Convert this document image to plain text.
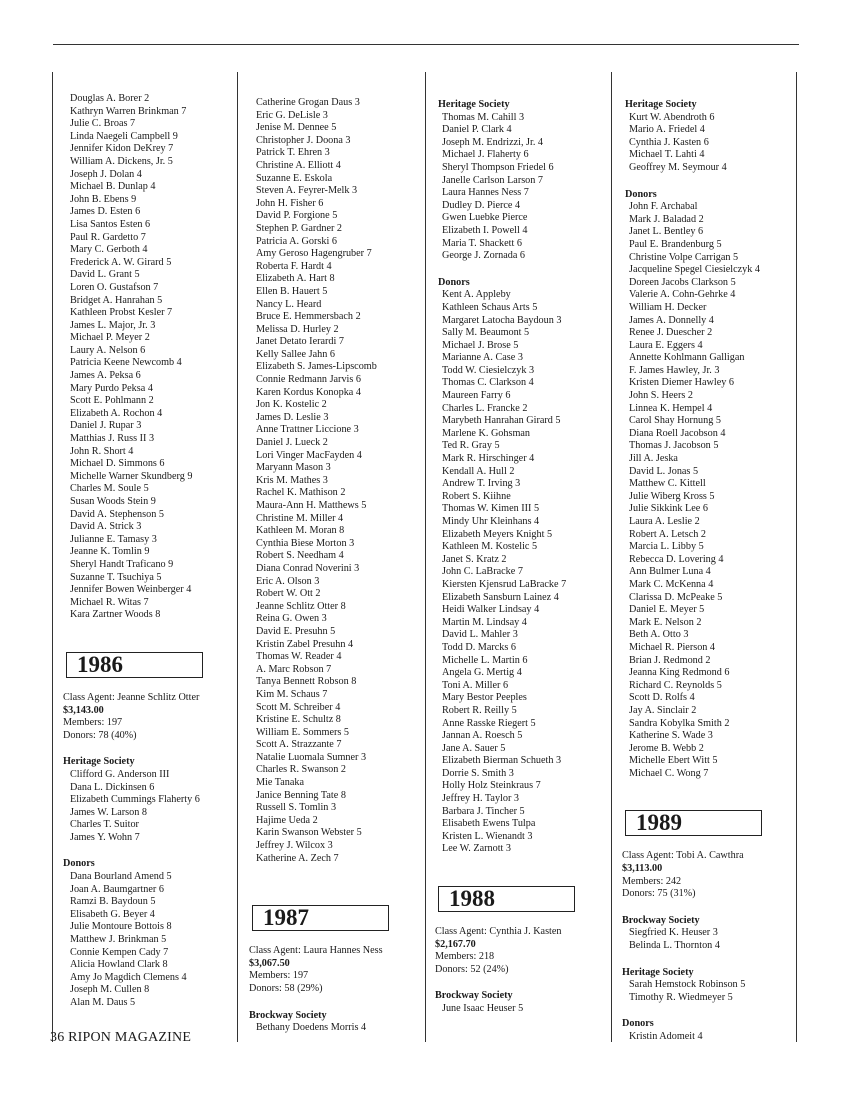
Douglas A. Borer 2
Kathryn Warren Brinkman 7
Julie C. Broas 7
Linda Naegeli Campbell 9
Jennifer Kidon DeKrey 7
William A. Dickens, Jr. 5
Joseph J. Dolan 4
Michael B. Dunlap 4
John B. Ebens 9
James D. Esten 6
Lisa Santos Esten 6
Paul R. Gardetto 7
Mary C. Gerboth 4
Frederick A. W. Girard 5
David L. Grant 5
Loren O. Gustafson 7
Bridget A. Hanrahan 5
Kathleen Probst Kesler 7
James L. Major, Jr. 3
Michael P. Meyer 2
Laury A. Nelson 6
Patricia Keene Newcomb 4
James A. Peksa 6
Mary Purdo Peksa 4
Scott E. Pohlmann 2
Elizabeth A. Rochon 4
Daniel J. Rupar 3
Matthias J. Russ II 3
John R. Short 4
Michael D. Simmons 6
Michelle Warner Skundberg 9
Charles M. Soule 5
Susan Woods Stein 9
David A. Stephenson 5
David A. Strick 3
Julianne E. Tamasy 3
Jeanne K. Tomlin 9
Sheryl Handt Traficano 9
Suzanne T. Tsuchiya 5
Jennifer Bowen Weinberger 4
Michael R. Witas 7
Kara Zartner Woods 8
1986
Class Agent: Jeanne Schlitz Otter
$3,143.00
Members: 197
Donors: 78 (40%)
Heritage Society
Clifford G. Anderson III
Dana L. Dickinsen 6
Elizabeth Cummings Flaherty 6
James W. Larson 8
Charles T. Suitor
James Y. Wohn 7
Donors
Dana Bourland Amend 5
Joan A. Baumgartner 6
Ramzi B. Baydoun 5
Elisabeth G. Beyer 4
Julie Montoure Bottois 8
Matthew J. Brinkman 5
Connie Kempen Cady 7
Alicia Howland Clark 8
Amy Jo Magdich Clemens 4
Joseph M. Cullen 8
Alan M. Daus 5
Catherine Grogan Daus 3
Eric G. DeLisle 3
Jenise M. Dennee 5
Christopher J. Doona 3
Patrick T. Ehren 3
Christine A. Elliott 4
Suzanne E. Eskola
Steven A. Feyrer-Melk 3
John H. Fisher 6
David P. Forgione 5
Stephen P. Gardner 2
Patricia A. Gorski 6
Amy Geroso Hagengruber 7
Roberta F. Hardt 4
Elizabeth A. Hart 8
Ellen B. Hauert 5
Nancy L. Heard
Bruce E. Hemmersbach 2
Melissa D. Hurley 2
Janet Detato Ierardi 7
Kelly Sallee Jahn 6
Elizabeth S. James-Lipscomb
Connie Redmann Jarvis 6
Karen Kordus Konopka 4
Jon K. Kostelic 2
James D. Leslie 3
Anne Trattner Liccione 3
Daniel J. Lueck 2
Lori Vinger MacFayden 4
Maryann Mason 3
Kris M. Mathes 3
Rachel K. Mathison 2
Maura-Ann H. Matthews 5
Christine M. Miller 4
Kathleen M. Moran 8
Cynthia Biese Morton 3
Robert S. Needham 4
Diana Conrad Noverini 3
Eric A. Olson 3
Robert W. Ott 2
Jeanne Schlitz Otter 8
Reina G. Owen 3
David E. Presuhn 5
Kristin Zabel Presuhn 4
Thomas W. Reader 4
A. Marc Robson 7
Tanya Bennett Robson 8
Kim M. Schaus 7
Scott M. Schreiber 4
Kristine E. Schultz 8
William E. Sommers 5
Scott A. Strazzante 7
Natalie Luomala Sumner 3
Charles R. Swanson 2
Mie Tanaka
Janice Benning Tate 8
Russell S. Tomlin 3
Hajime Ueda 2
Karin Swanson Webster 5
Jeffrey J. Wilcox 3
Katherine A. Zech 7
1987
Class Agent: Laura Hannes Ness
$3,067.50
Members: 197
Donors: 58 (29%)
Brockway Society
Bethany Doedens Morris 4
Heritage Society
Thomas M. Cahill 3
Daniel P. Clark 4
Joseph M. Endrizzi, Jr. 4
Michael J. Flaherty 6
Sheryl Thompson Friedel 6
Janelle Carlson Larson 7
Laura Hannes Ness 7
Dudley D. Pierce 4
Gwen Luebke Pierce
Elizabeth I. Powell 4
Maria T. Shackett 6
George J. Zornada 6
Donors
Kent A. Appleby
Kathleen Schaus Arts 5
Margaret Latocha Baydoun 3
Sally M. Beaumont 5
Michael J. Brose 5
Marianne A. Case 3
Todd W. Ciesielczyk 3
Thomas C. Clarkson 4
Maureen Farry 6
Charles L. Francke 2
Marybeth Hanrahan Girard 5
Marlene K. Gohsman
Ted R. Gray 5
Mark R. Hirschinger 4
Kendall A. Hull 2
Andrew T. Irving 3
Robert S. Kiihne
Thomas W. Kimen III 5
Mindy Uhr Kleinhans 4
Elizabeth Meyers Knight 5
Kathleen M. Kostelic 5
Janet S. Kratz 2
John C. LaBracke 7
Kiersten Kjensrud LaBracke 7
Elizabeth Sansburn Lainez 4
Heidi Walker Lindsay 4
Martin M. Lindsay 4
David L. Mahler 3
Todd D. Marcks 6
Michelle L. Martin 6
Angela G. Mertig 4
Toni A. Miller 6
Mary Bestor Peeples
Robert R. Reilly 5
Anne Rasske Riegert 5
Jannan A. Roesch 5
Jane A. Sauer 5
Elizabeth Bierman Schueth 3
Dorrie S. Smith 3
Holly Holz Steinkraus 7
Jeffrey H. Taylor 3
Barbara J. Tincher 5
Elisabeth Ewens Tulpa
Kristen L. Wienandt 3
Lee W. Zarnott 3
1988
Class Agent: Cynthia J. Kasten
$2,167.70
Members: 218
Donors: 52 (24%)
Brockway Society
June Isaac Heuser 5
Heritage Society
Kurt W. Abendroth 6
Mario A. Friedel 4
Cynthia J. Kasten 6
Michael T. Lahti 4
Geoffrey M. Seymour 4
Donors
John F. Archabal
Mark J. Baladad 2
Janet L. Bentley 6
Paul E. Brandenburg 5
Christine Volpe Carrigan 5
Jacqueline Spegel Ciesielczyk 4
Doreen Jacobs Clarkson 5
Valerie A. Cohn-Gehrke 4
William H. Decker
James A. Donnelly 4
Renee J. Duescher 2
Laura E. Eggers 4
Annette Kohlmann Galligan
F. James Hawley, Jr. 3
Kristen Diemer Hawley 6
John S. Heers 2
Linnea K. Hempel 4
Carol Shay Hornung 5
Diana Roell Jacobson 4
Thomas J. Jacobson 5
Jill A. Jeska
David L. Jonas 5
Matthew C. Kittell
Julie Wiberg Kross 5
Julie Sikkink Lee 6
Laura A. Leslie 2
Robert A. Letsch 2
Marcia L. Libby 5
Rebecca D. Lovering 4
Ann Bulmer Luna 4
Mark C. McKenna 4
Clarissa D. McPeake 5
Daniel E. Meyer 5
Mark E. Nelson 2
Beth A. Otto 3
Michael R. Pierson 4
Brian J. Redmond 2
Jeanna King Redmond 6
Richard C. Reynolds 5
Scott D. Rolfs 4
Jay A. Sinclair 2
Sandra Kobylka Smith 2
Katherine S. Wade 3
Jerome B. Webb 2
Michelle Ebert Witt 5
Michael C. Wong 7
1989
Class Agent: Tobi A. Cawthra
$3,113.00
Members: 242
Donors: 75 (31%)
Brockway Society
Siegfried K. Heuser 3
Belinda L. Thornton 4
Heritage Society
Sarah Hemstock Robinson 5
Timothy R. Wiedmeyer 5
Donors
Kristin Adomeit 4
36 RIPON MAGAZINE
